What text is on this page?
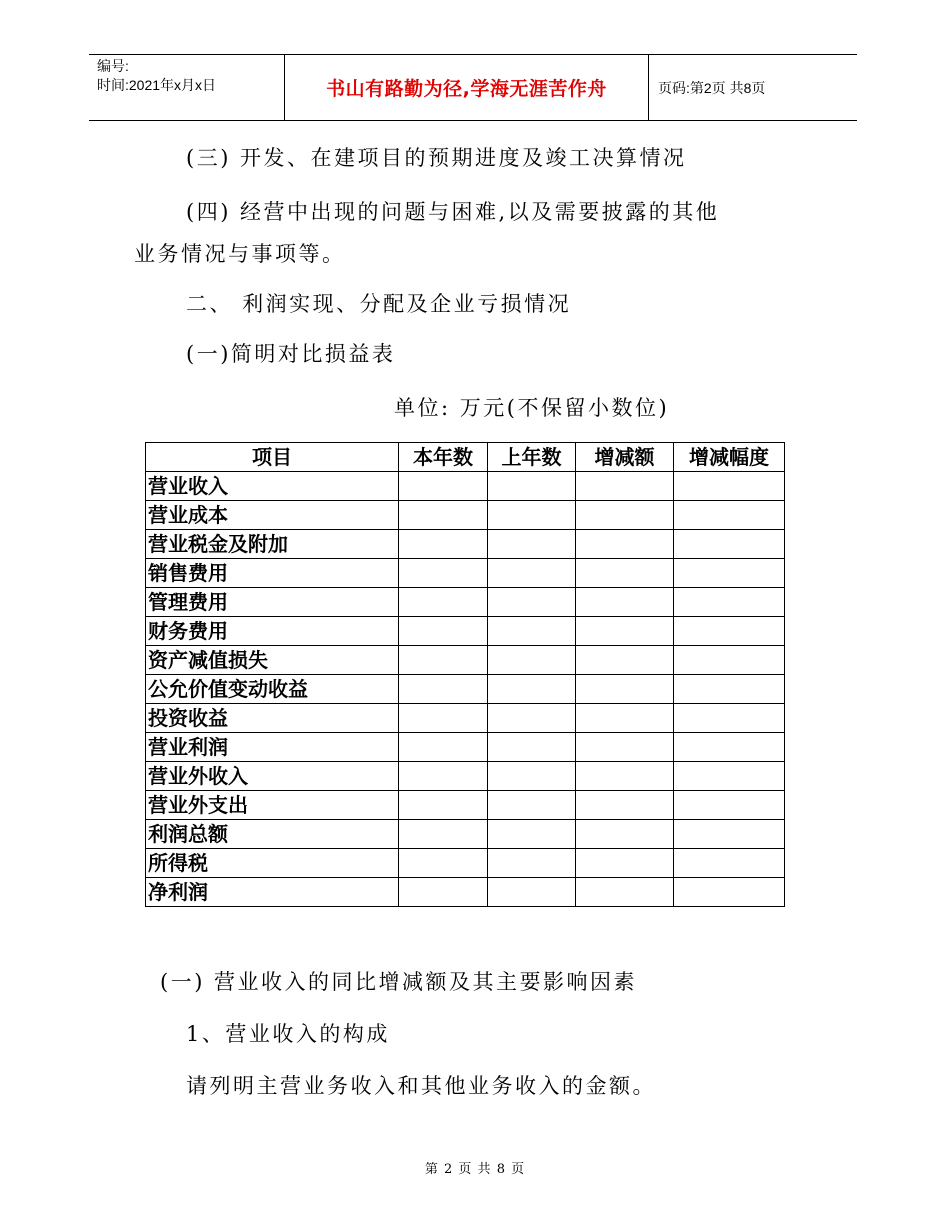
编号:
时间:2021年x月x日	书山有路勤为径,学海无涯苦作舟	页码:第2页 共8页
(三) 开发、在建项目的预期进度及竣工决算情况
(四) 经营中出现的问题与困难,以及需要披露的其他
业务情况与事项等。
二、 利润实现、分配及企业亏损情况
(一)简明对比损益表
单位: 万元(不保留小数位)
项目	本年数	上年数	增减额	增减幅度
营业收入				
营业成本				
营业税金及附加				
销售费用				
管理费用				
财务费用				
资产减值损失				
公允价值变动收益				
投资收益				
营业利润				
营业外收入				
营业外支出				
利润总额				
所得税				
净利润				
(一) 营业收入的同比增减额及其主要影响因素
1、营业收入的构成
请列明主营业务收入和其他业务收入的金额。
第 2 页 共 8 页
